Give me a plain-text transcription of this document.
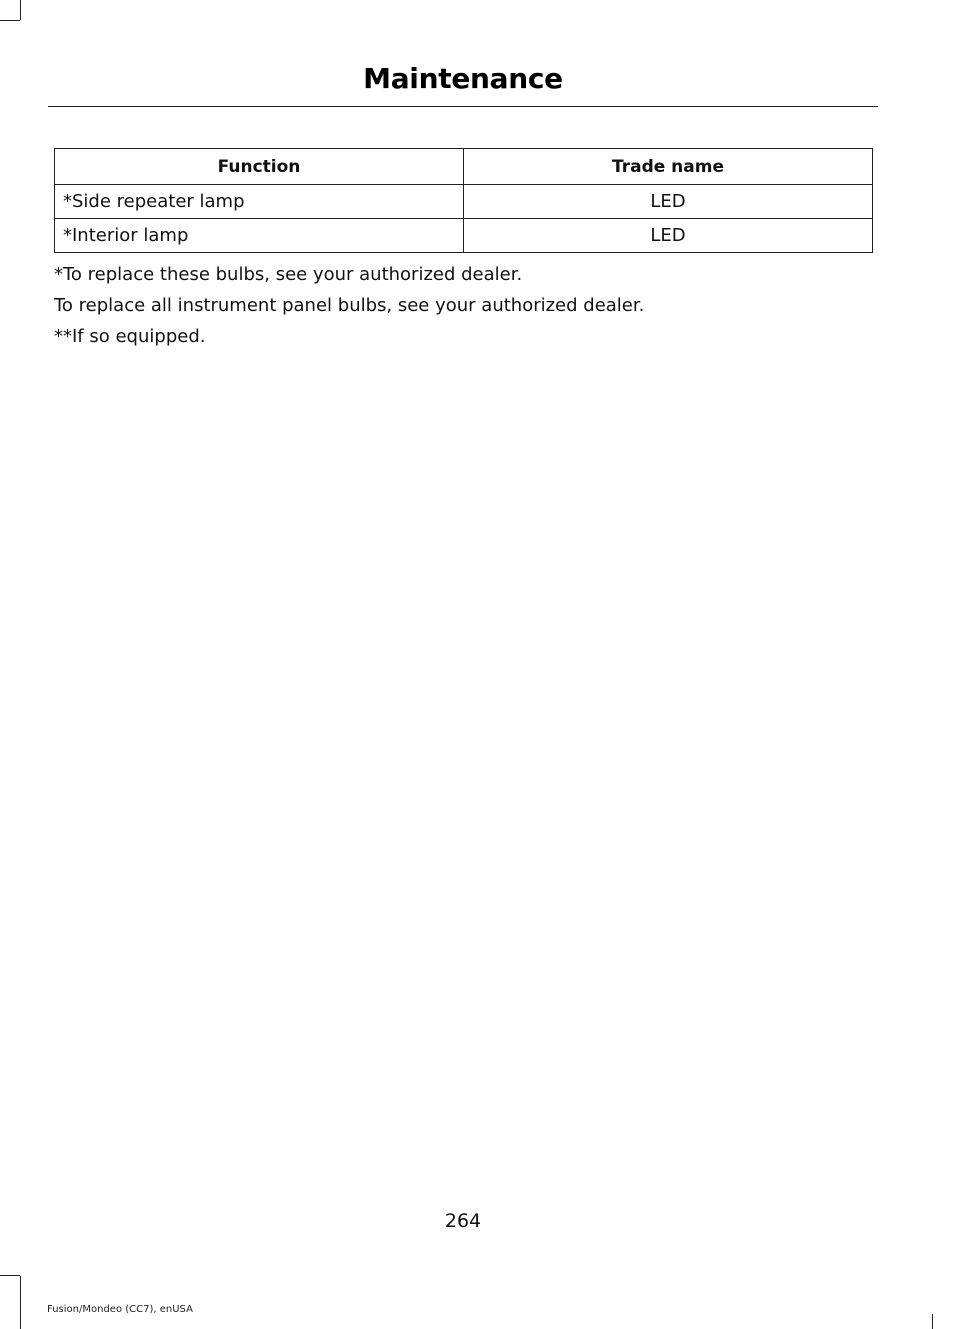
Maintenance
Function	Trade name
*Side repeater lamp	LED
*Interior lamp	LED

*To replace these bulbs, see your authorized dealer.

To replace all instrument panel bulbs, see your authorized dealer.

**If so equipped.

264
Fusion/Mondeo (CC7), enUSA
